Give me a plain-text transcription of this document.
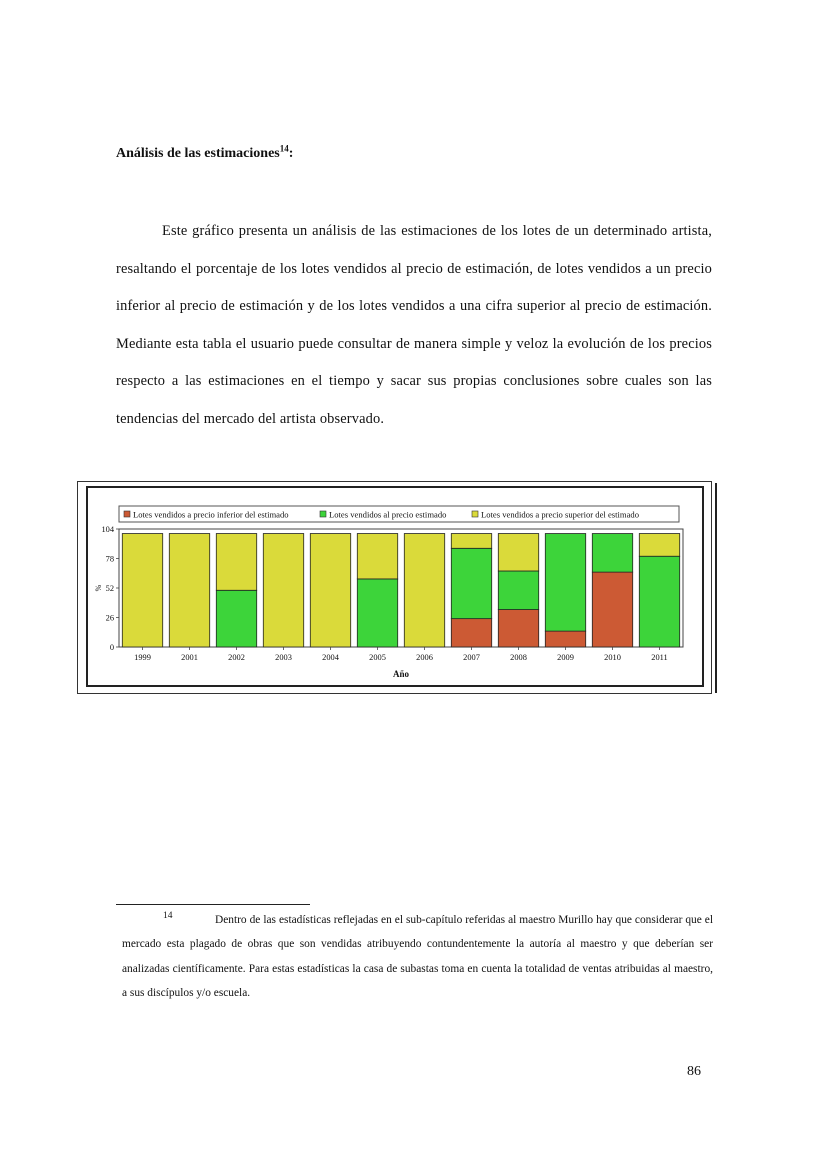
Análisis de las estimaciones$^{14}$:

Este gráfico presenta un análisis de las estimaciones de los lotes de un determinado artista, resaltando el porcentaje de los lotes vendidos al precio de estimación, de lotes vendidos a un precio inferior al precio de estimación y de los lotes vendidos a una cifra superior al precio de estimación. Mediante esta tabla el usuario puede consultar de manera simple y veloz la evolución de los precios respecto a las estimaciones en el tiempo y sacar sus propias conclusiones sobre cuales son las tendencias del mercado del artista observado.

Lotes vendidos a precio inferior del estimado	Lotes vendidos al precio estimado	Lotes vendidos a precio superior del estimado
104
78
52
26
0
%
1999	2001	2002	2003	2004	2005	2006	2007	2008	2009	2010	2011
Año

14	Dentro de las estadísticas reflejadas en el sub-capítulo referidas al maestro Murillo hay que considerar que el mercado esta plagado de obras que son vendidas atribuyendo contundentemente la autoría al maestro y que deberían ser analizadas científicamente. Para estas estadísticas la casa de subastas toma en cuenta la totalidad de ventas atribuidas al maestro, a sus discípulos y/o escuela.

86
